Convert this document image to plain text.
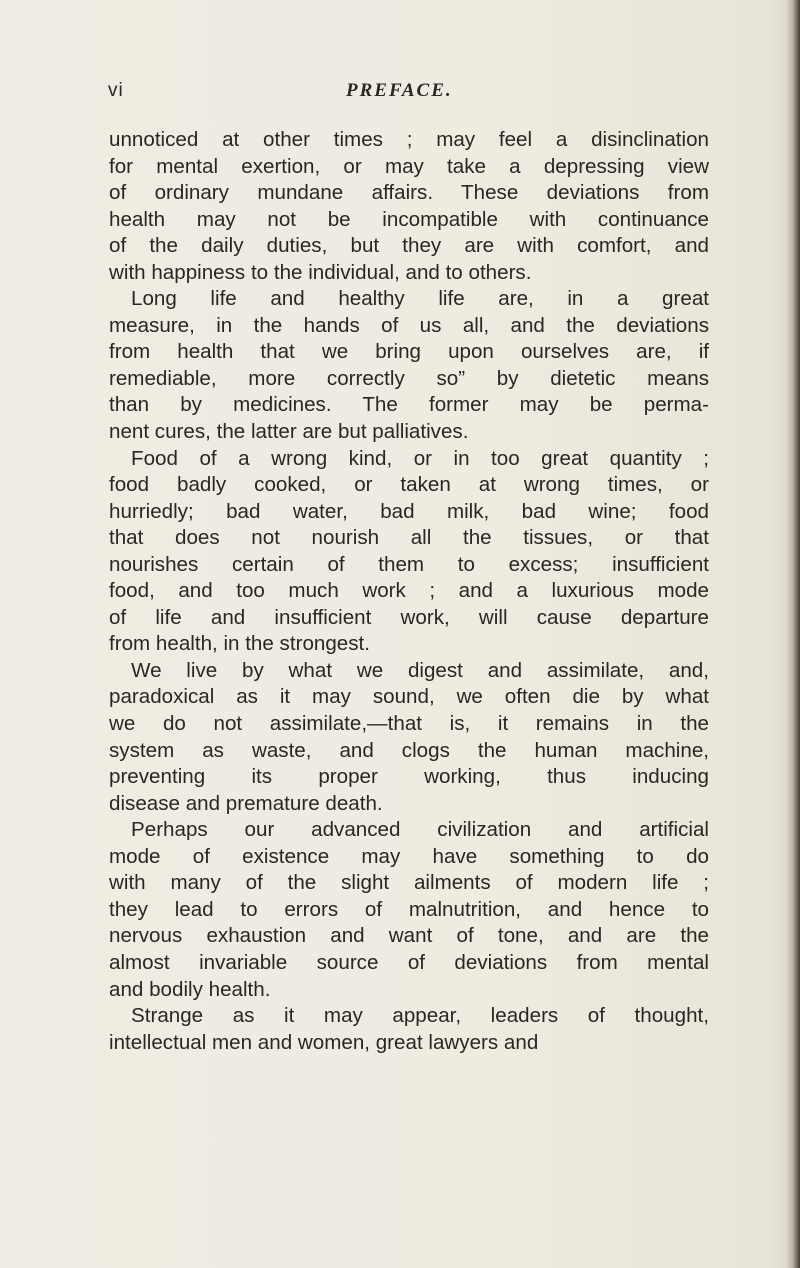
vi	PREFACE.
unnoticed at other times ; may feel a disinclination
for mental exertion, or may take a depressing view
of ordinary mundane affairs. These deviations from
health may not be incompatible with continuance
of the daily duties, but they are with comfort, and
with happiness to the individual, and to others.
Long life and healthy life are, in a great
measure, in the hands of us all, and the deviations
from health that we bring upon ourselves are, if
remediable, more correctly so” by dietetic means
than by medicines. The former may be perma-
nent cures, the latter are but palliatives.
Food of a wrong kind, or in too great quantity ;
food badly cooked, or taken at wrong times, or
hurriedly; bad water, bad milk, bad wine; food
that does not nourish all the tissues, or that
nourishes certain of them to excess; insufficient
food, and too much work ; and a luxurious mode
of life and insufficient work, will cause departure
from health, in the strongest.
We live by what we digest and assimilate, and,
paradoxical as it may sound, we often die by what
we do not assimilate,—that is, it remains in the
system as waste, and clogs the human machine,
preventing its proper working, thus inducing
disease and premature death.
Perhaps our advanced civilization and artificial
mode of existence may have something to do
with many of the slight ailments of modern life ;
they lead to errors of malnutrition, and hence to
nervous exhaustion and want of tone, and are the
almost invariable source of deviations from mental
and bodily health.
Strange as it may appear, leaders of thought,
intellectual men and women, great lawyers and
